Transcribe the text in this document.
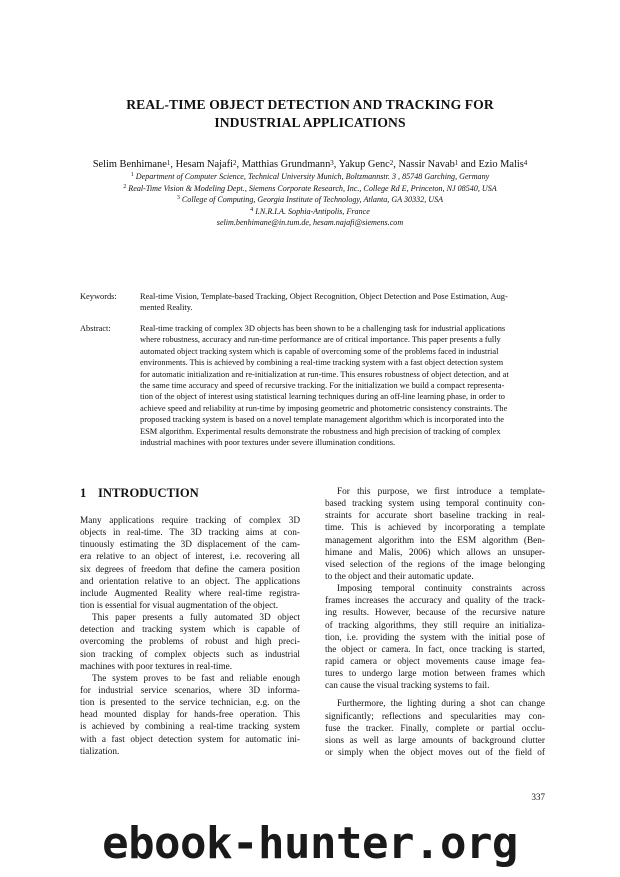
REAL-TIME OBJECT DETECTION AND TRACKING FOR
INDUSTRIAL APPLICATIONS
Selim Benhimane$^1$, Hesam Najafi$^2$, Matthias Grundmann$^3$, Yakup Genc$^2$, Nassir Navab$^1$ and Ezio Malis$^4$
$^1$ Department of Computer Science, Technical University Munich, Boltzmannstr. 3 , 85748 Garching, Germany
$^2$ Real-Time Vision & Modeling Dept., Siemens Corporate Research, Inc., College Rd E, Princeton, NJ 08540, USA
$^3$ College of Computing, Georgia Institute of Technology, Atlanta, GA 30332, USA
$^4$ I.N.R.I.A. Sophia-Antipolis, France
selim.benhimane@in.tum.de, hesam.najafi@siemens.com
Keywords:	Real-time Vision, Template-based Tracking, Object Recognition, Object Detection and Pose Estimation, Aug-
mented Reality.
Abstract:	Real-time tracking of complex 3D objects has been shown to be a challenging task for industrial applications
where robustness, accuracy and run-time performance are of critical importance. This paper presents a fully
automated object tracking system which is capable of overcoming some of the problems faced in industrial
environments. This is achieved by combining a real-time tracking system with a fast object detection system
for automatic initialization and re-initialization at run-time. This ensures robustness of object detection, and at
the same time accuracy and speed of recursive tracking. For the initialization we build a compact representa-
tion of the object of interest using statistical learning techniques during an off-line learning phase, in order to
achieve speed and reliability at run-time by imposing geometric and photometric consistency constraints. The
proposed tracking system is based on a novel template management algorithm which is incorporated into the
ESM algorithm. Experimental results demonstrate the robustness and high precision of tracking of complex
industrial machines with poor textures under severe illumination conditions.
1 INTRODUCTION
Many applications require tracking of complex 3D
objects in real-time. The 3D tracking aims at con-
tinuously estimating the 3D displacement of the cam-
era relative to an object of interest, i.e. recovering all
six degrees of freedom that define the camera position
and orientation relative to an object. The applications
include Augmented Reality where real-time registra-
tion is essential for visual augmentation of the object.
This paper presents a fully automated 3D object
detection and tracking system which is capable of
overcoming the problems of robust and high preci-
sion tracking of complex objects such as industrial
machines with poor textures in real-time.
The system proves to be fast and reliable enough
for industrial service scenarios, where 3D informa-
tion is presented to the service technician, e.g. on the
head mounted display for hands-free operation. This
is achieved by combining a real-time tracking system
with a fast object detection system for automatic ini-
tialization.
For this purpose, we first introduce a template-
based tracking system using temporal continuity con-
straints for accurate short baseline tracking in real-
time. This is achieved by incorporating a template
management algorithm into the ESM algorithm (Ben-
himane and Malis, 2006) which allows an unsuper-
vised selection of the regions of the image belonging
to the object and their automatic update.
Imposing temporal continuity constraints across
frames increases the accuracy and quality of the track-
ing results. However, because of the recursive nature
of tracking algorithms, they still require an initializa-
tion, i.e. providing the system with the initial pose of
the object or camera. In fact, once tracking is started,
rapid camera or object movements cause image fea-
tures to undergo large motion between frames which
can cause the visual tracking systems to fail.
Furthermore, the lighting during a shot can change
significantly; reflections and specularities may con-
fuse the tracker. Finally, complete or partial occlu-
sions as well as large amounts of background clutter
or simply when the object moves out of the field of
337
ebook-hunter.org
